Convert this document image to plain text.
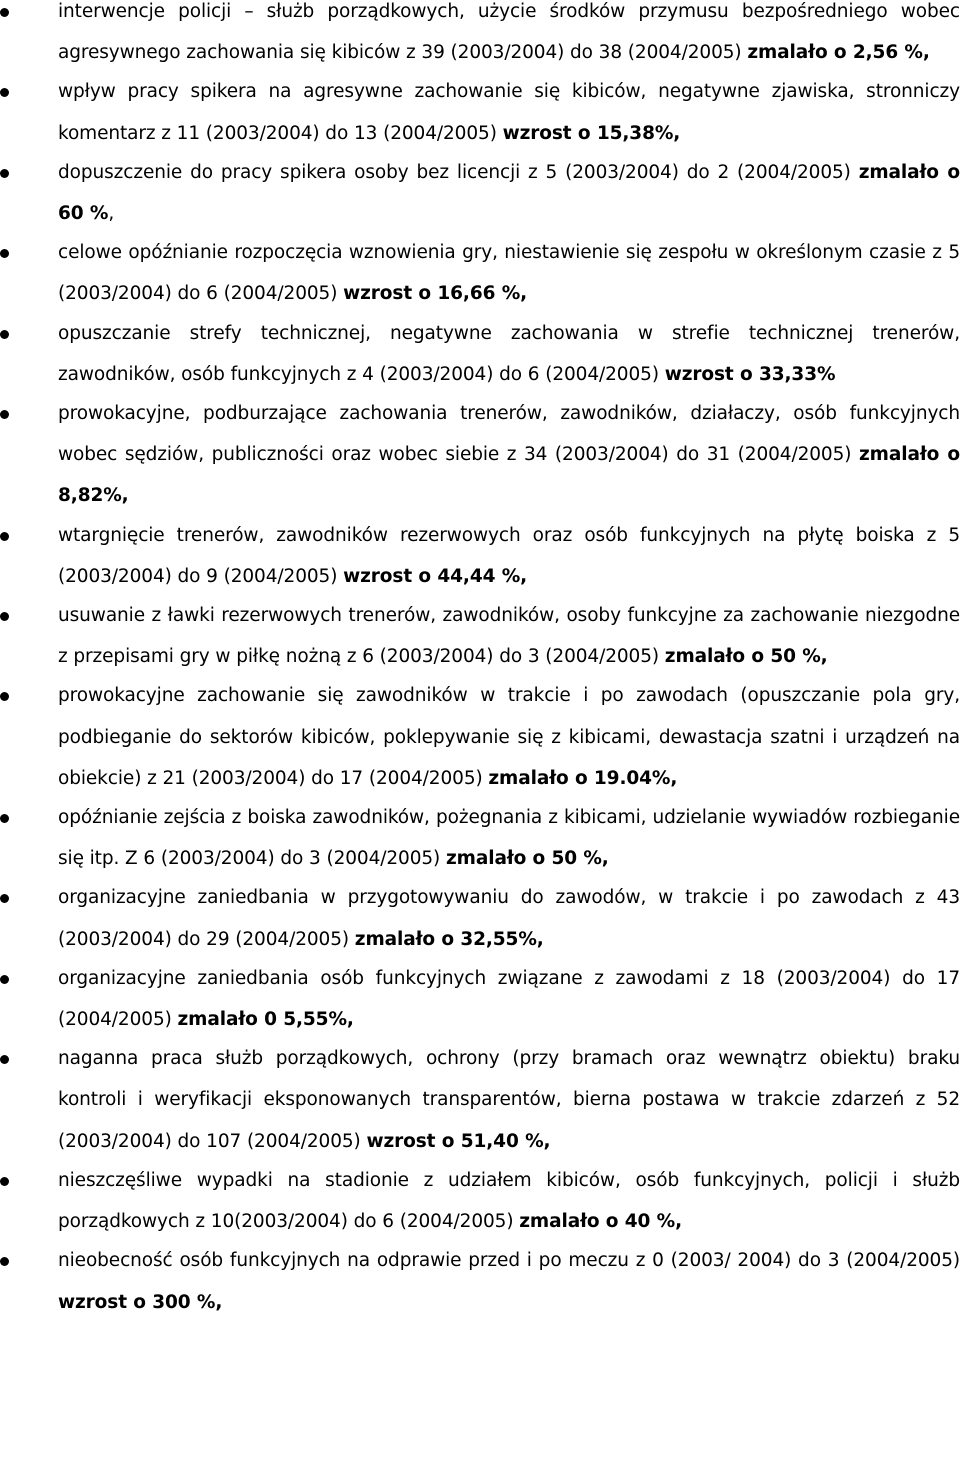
interwencje policji – służb porządkowych, użycie środków przymusu bezpośredniego wobec agresywnego zachowania się kibiców z 39 (2003/2004) do 38 (2004/2005) zmalało o 2,56 %,
wpływ pracy spikera na agresywne zachowanie się kibiców, negatywne zjawiska, stronniczy komentarz z 11 (2003/2004) do 13 (2004/2005) wzrost o 15,38%,
dopuszczenie do pracy spikera osoby bez licencji z 5 (2003/2004) do 2 (2004/2005) zmalało o 60 %,
celowe opóźnianie rozpoczęcia wznowienia gry, niestawienie się zespołu w określonym czasie z 5 (2003/2004) do 6 (2004/2005) wzrost o 16,66 %,
opuszczanie strefy technicznej, negatywne zachowania w strefie technicznej trenerów, zawodników, osób funkcyjnych z 4 (2003/2004) do 6 (2004/2005) wzrost o 33,33%
prowokacyjne, podburzające zachowania trenerów, zawodników, działaczy, osób funkcyjnych wobec sędziów, publiczności oraz wobec siebie z 34 (2003/2004) do 31 (2004/2005) zmalało o 8,82%,
wtargnięcie trenerów, zawodników rezerwowych oraz osób funkcyjnych na płytę boiska z 5 (2003/2004) do 9 (2004/2005) wzrost o 44,44 %,
usuwanie z ławki rezerwowych trenerów, zawodników, osoby funkcyjne za zachowanie niezgodne z przepisami gry w piłkę nożną z 6 (2003/2004) do 3 (2004/2005) zmalało o 50 %,
prowokacyjne zachowanie się zawodników w trakcie i po zawodach (opuszczanie pola gry, podbieganie do sektorów kibiców, poklepywanie się z kibicami, dewastacja szatni i urządzeń na obiekcie) z 21 (2003/2004) do 17 (2004/2005) zmalało o 19.04%,
opóźnianie zejścia z boiska zawodników, pożegnania z kibicami, udzielanie wywiadów rozbieganie się itp. Z 6 (2003/2004) do 3 (2004/2005) zmalało o 50 %,
organizacyjne zaniedbania w przygotowywaniu do zawodów, w trakcie i po zawodach z 43 (2003/2004) do 29 (2004/2005) zmalało o 32,55%,
organizacyjne zaniedbania osób funkcyjnych związane z zawodami z 18 (2003/2004) do 17 (2004/2005) zmalało 0 5,55%,
naganna praca służb porządkowych, ochrony (przy bramach oraz wewnątrz obiektu) braku kontroli i weryfikacji eksponowanych transparentów, bierna postawa w trakcie zdarzeń z 52 (2003/2004) do 107 (2004/2005) wzrost o 51,40 %,
nieszczęśliwe wypadki na stadionie z udziałem kibiców, osób funkcyjnych, policji i służb porządkowych z 10(2003/2004) do 6 (2004/2005) zmalało o 40 %,
nieobecność osób funkcyjnych na odprawie przed i po meczu z 0 (2003/ 2004) do 3 (2004/2005) wzrost o 300 %,
